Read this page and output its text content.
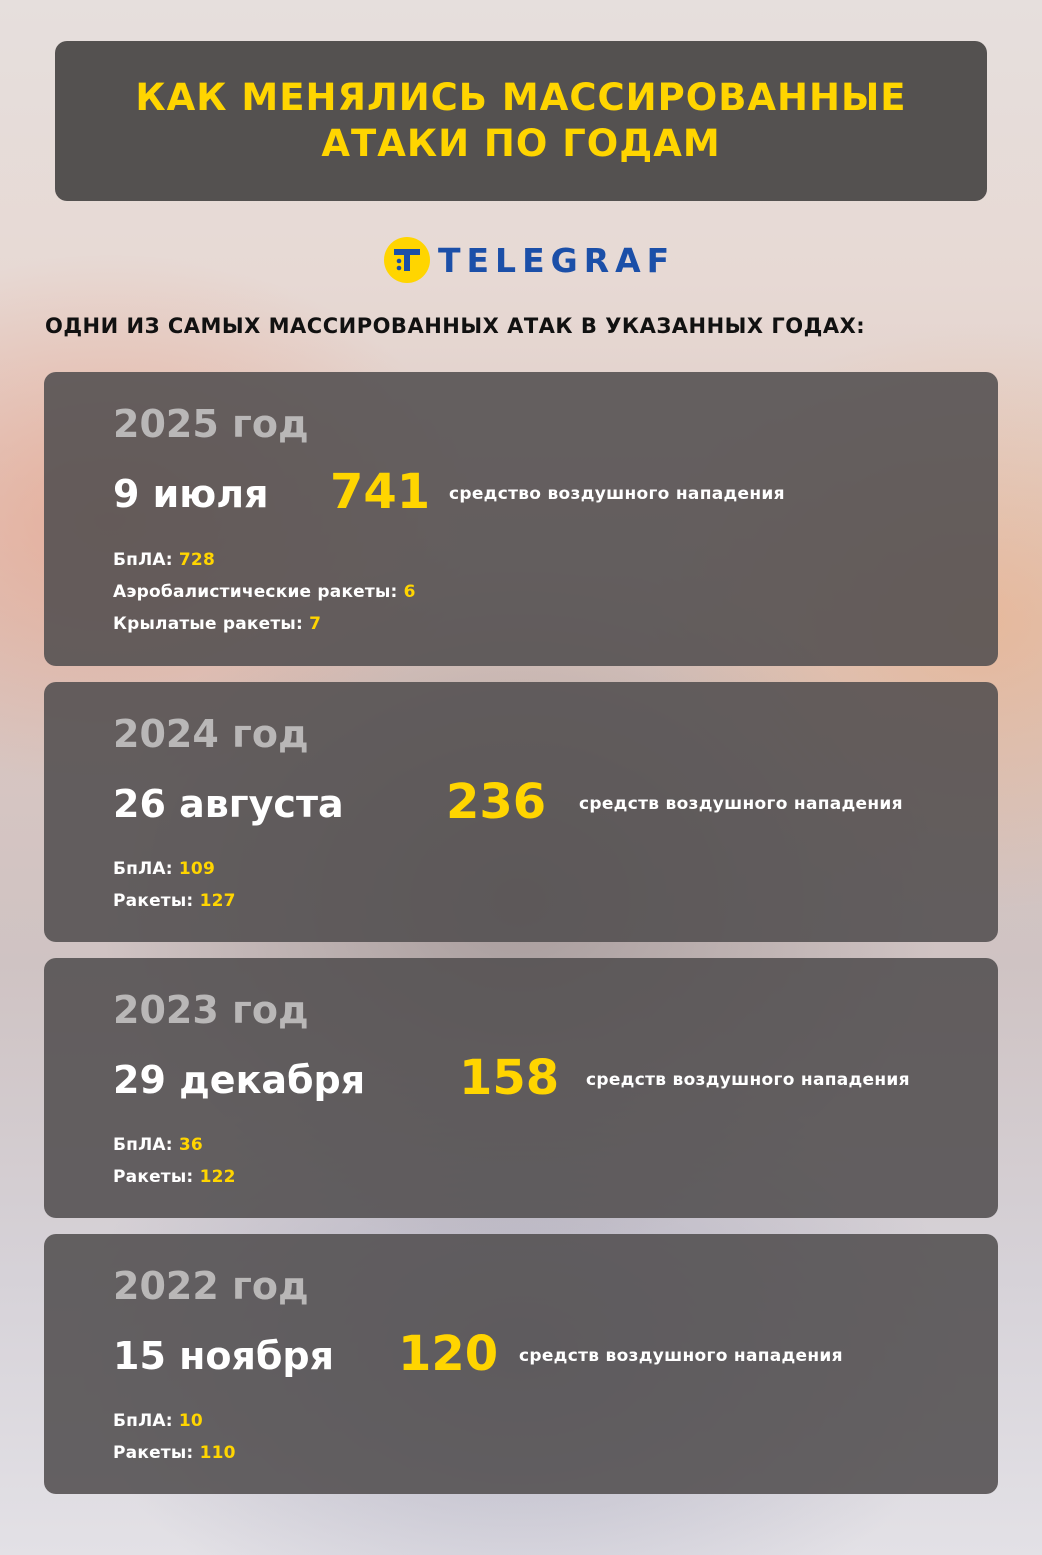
КАК МЕНЯЛИСЬ МАССИРОВАННЫЕ
АТАКИ ПО ГОДАМ
TELEGRAF
ОДНИ ИЗ САМЫХ МАССИРОВАННЫХ АТАК В УКАЗАННЫХ ГОДАХ:
2025 год
9 июля 741 средство воздушного нападения
БпЛА: 728
Аэробалистические ракеты: 6
Крылатые ракеты: 7
2024 год
26 августа 236 средств воздушного нападения
БпЛА: 109
Ракеты: 127
2023 год
29 декабря 158 средств воздушного нападения
БпЛА: 36
Ракеты: 122
2022 год
15 ноября 120 средств воздушного нападения
БпЛА: 10
Ракеты: 110
